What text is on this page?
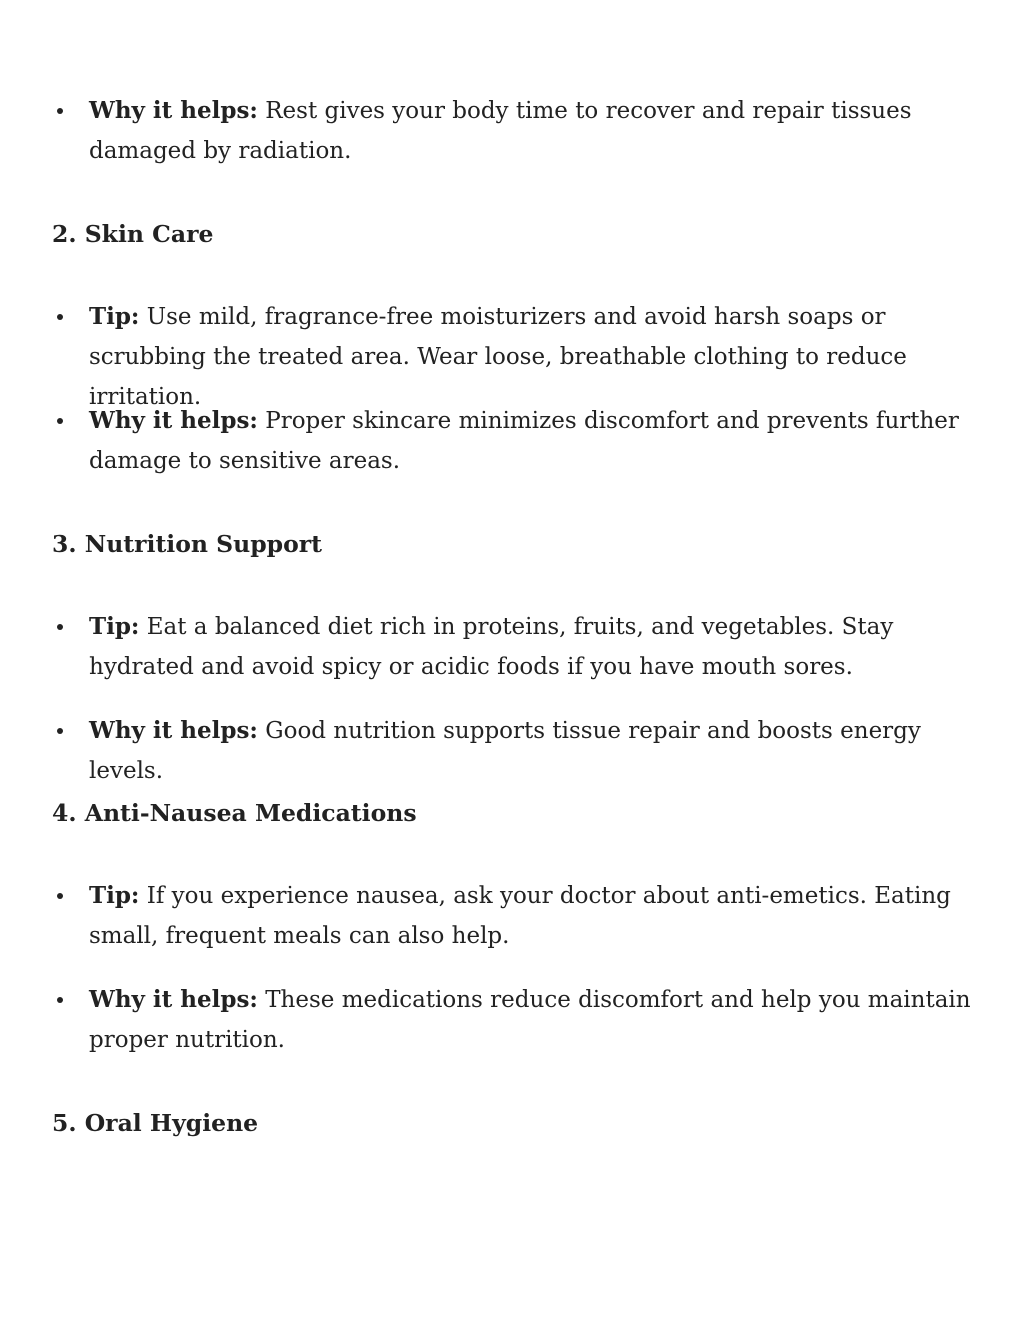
Why it helps: Rest gives your body time to recover and repair tissues damaged by radiation.
2. Skin Care
Tip: Use mild, fragrance-free moisturizers and avoid harsh soaps or scrubbing the treated area. Wear loose, breathable clothing to reduce irritation.
Why it helps: Proper skincare minimizes discomfort and prevents further damage to sensitive areas.
3. Nutrition Support
Tip: Eat a balanced diet rich in proteins, fruits, and vegetables. Stay hydrated and avoid spicy or acidic foods if you have mouth sores.
Why it helps: Good nutrition supports tissue repair and boosts energy levels.
4. Anti-Nausea Medications
Tip: If you experience nausea, ask your doctor about anti-emetics. Eating small, frequent meals can also help.
Why it helps: These medications reduce discomfort and help you maintain proper nutrition.
5. Oral Hygiene
